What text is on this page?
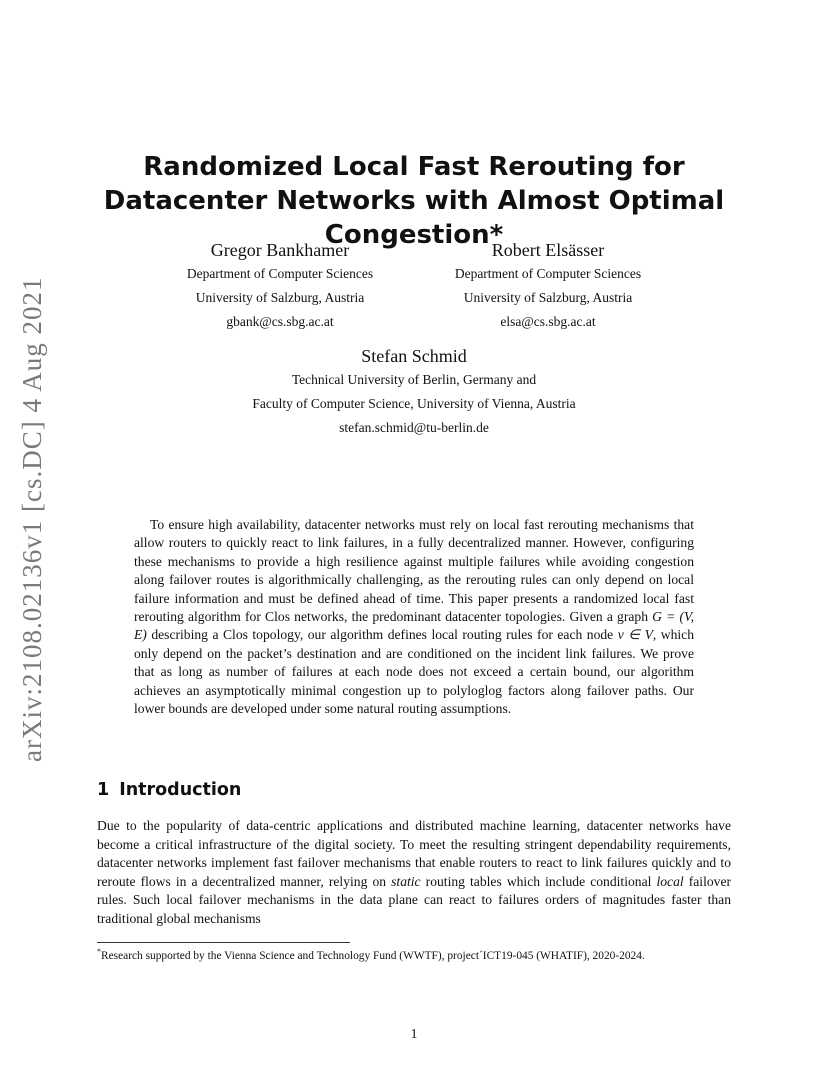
arXiv:2108.02136v1 [cs.DC] 4 Aug 2021
Randomized Local Fast Rerouting for Datacenter Networks with Almost Optimal Congestion*
Gregor Bankhamer
Department of Computer Sciences
University of Salzburg, Austria
gbank@cs.sbg.ac.at
Robert Elsässer
Department of Computer Sciences
University of Salzburg, Austria
elsa@cs.sbg.ac.at
Stefan Schmid
Technical University of Berlin, Germany and
Faculty of Computer Science, University of Vienna, Austria
stefan.schmid@tu-berlin.de
To ensure high availability, datacenter networks must rely on local fast rerouting mechanisms that allow routers to quickly react to link failures, in a fully decentralized manner. However, configuring these mechanisms to provide a high resilience against multiple failures while avoiding congestion along failover routes is algorithmically challenging, as the rerouting rules can only depend on local failure information and must be defined ahead of time. This paper presents a randomized local fast rerouting algorithm for Clos networks, the predominant datacenter topologies. Given a graph G = (V, E) describing a Clos topology, our algorithm defines local routing rules for each node v ∈ V, which only depend on the packet’s destination and are conditioned on the incident link failures. We prove that as long as number of failures at each node does not exceed a certain bound, our algorithm achieves an asymptotically minimal congestion up to polyloglog factors along failover paths. Our lower bounds are developed under some natural routing assumptions.
1 Introduction
Due to the popularity of data-centric applications and distributed machine learning, datacenter networks have become a critical infrastructure of the digital society. To meet the resulting stringent dependability requirements, datacenter networks implement fast failover mechanisms that enable routers to react to link failures quickly and to reroute flows in a decentralized manner, relying on static routing tables which include conditional local failover rules. Such local failover mechanisms in the data plane can react to failures orders of magnitudes faster than traditional global mechanisms
*Research supported by the Vienna Science and Technology Fund (WWTF), project´ICT19-045 (WHATIF), 2020-2024.
1
